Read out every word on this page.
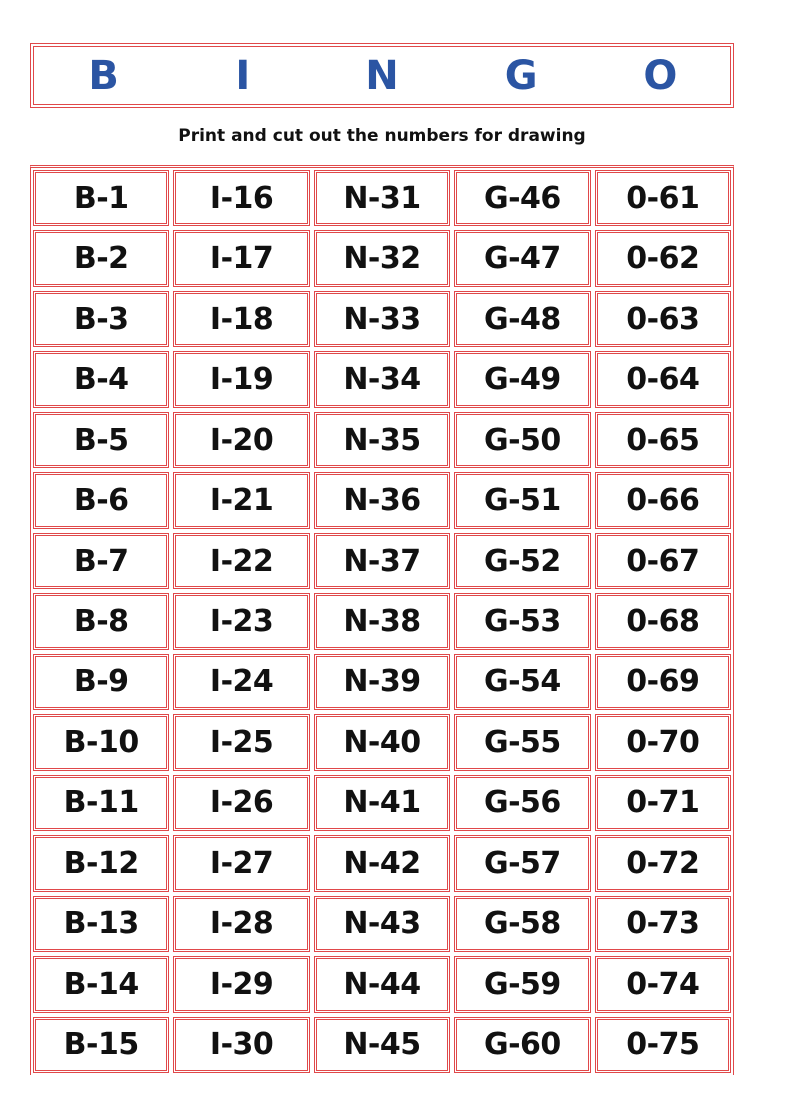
B	I	N	G	O
Print and cut out the numbers for drawing
B-1	I-16	N-31	G-46	0-61
B-2	I-17	N-32	G-47	0-62
B-3	I-18	N-33	G-48	0-63
B-4	I-19	N-34	G-49	0-64
B-5	I-20	N-35	G-50	0-65
B-6	I-21	N-36	G-51	0-66
B-7	I-22	N-37	G-52	0-67
B-8	I-23	N-38	G-53	0-68
B-9	I-24	N-39	G-54	0-69
B-10	I-25	N-40	G-55	0-70
B-11	I-26	N-41	G-56	0-71
B-12	I-27	N-42	G-57	0-72
B-13	I-28	N-43	G-58	0-73
B-14	I-29	N-44	G-59	0-74
B-15	I-30	N-45	G-60	0-75
